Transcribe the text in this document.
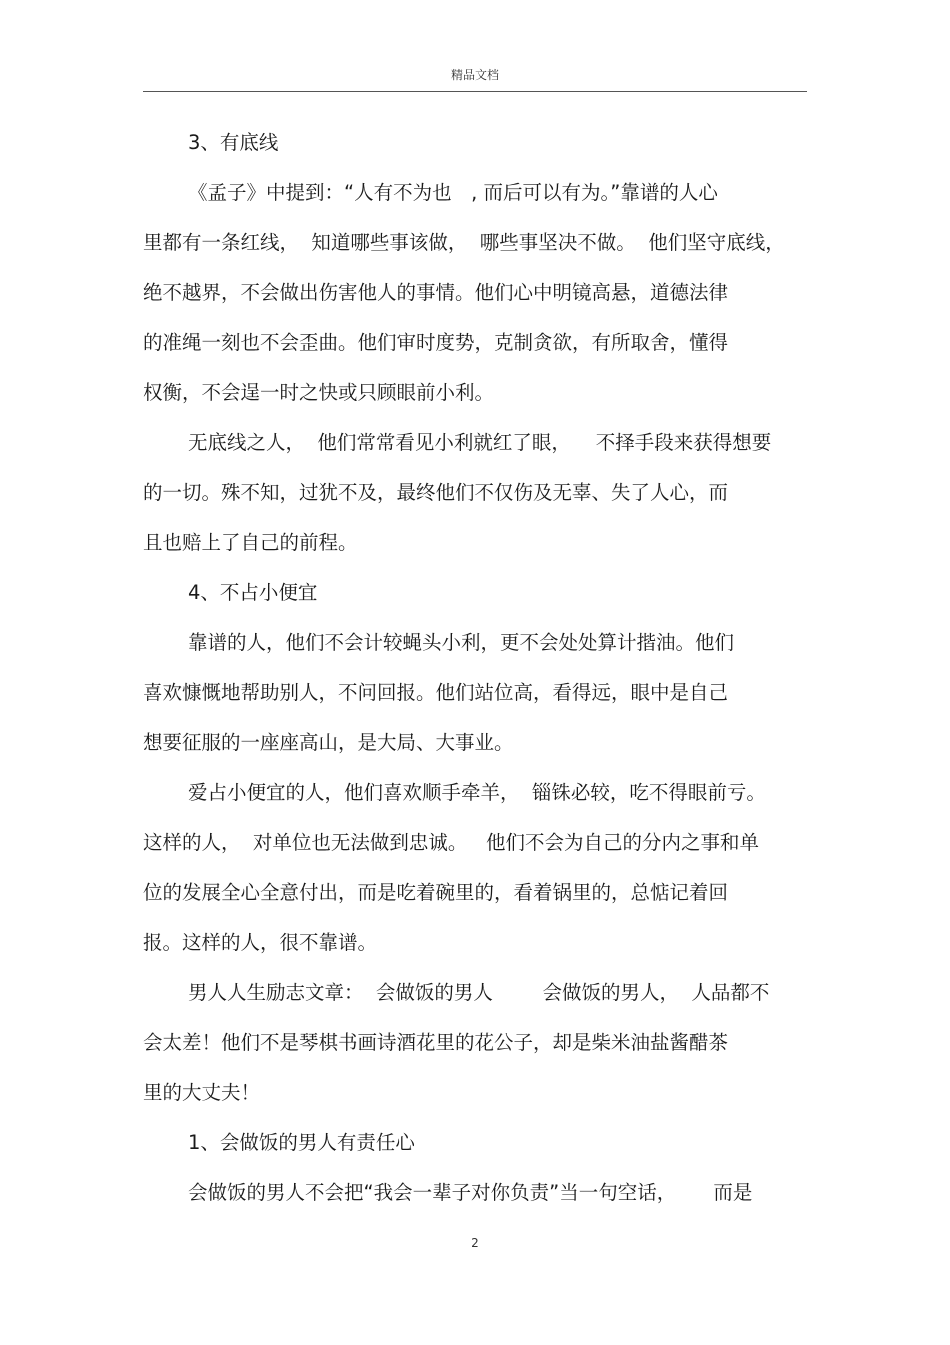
精品文档
3、有底线
《孟子》中提到：“人有不为也　, 而后可以有为。”靠谱的人心
里都有一条红线，  知道哪些事该做，  哪些事坚决不做。  他们坚守底线，
绝不越界，不会做出伤害他人的事情。他们心中明镜高悬，道德法律
的准绳一刻也不会歪曲。他们审时度势，克制贪欲，有所取舍，懂得
权衡，不会逞一时之快或只顾眼前小利。
无底线之人，  他们常常看见小利就红了眼，    不择手段来获得想要
的一切。殊不知，过犹不及，最终他们不仅伤及无辜、失了人心，而
且也赔上了自己的前程。
4、不占小便宜
靠谱的人，他们不会计较蝇头小利，更不会处处算计揩油。他们
喜欢慷慨地帮助别人，不问回报。他们站位高，看得远，眼中是自己
想要征服的一座座高山，是大局、大事业。
爱占小便宜的人，他们喜欢顺手牵羊，  锱铢必较，吃不得眼前亏。
这样的人，  对单位也无法做到忠诚。   他们不会为自己的分内之事和单
位的发展全心全意付出，而是吃着碗里的，看着锅里的，总惦记着回
报。这样的人，很不靠谱。
男人人生励志文章：  会做饭的男人        会做饭的男人，  人品都不
会太差！他们不是琴棋书画诗酒花里的花公子，却是柴米油盐酱醋茶
里的大丈夫！
1、会做饭的男人有责任心
会做饭的男人不会把“我会一辈子对你负责”当一句空话，      而是
2
